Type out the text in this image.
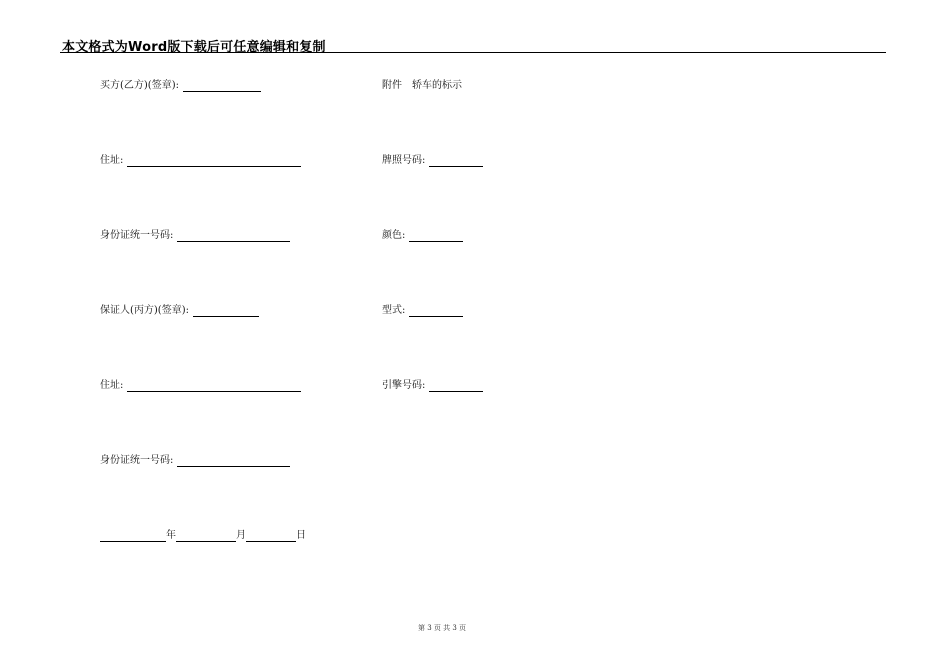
本文格式为Word版下载后可任意编辑和复制
买方(乙方)(签章):
住址:
身份证统一号码:
保证人(丙方)(签章):
住址:
身份证统一号码:
年	月	日
附件　轿车的标示
牌照号码:
颜色:
型式:
引擎号码:
第 3 页 共 3 页
